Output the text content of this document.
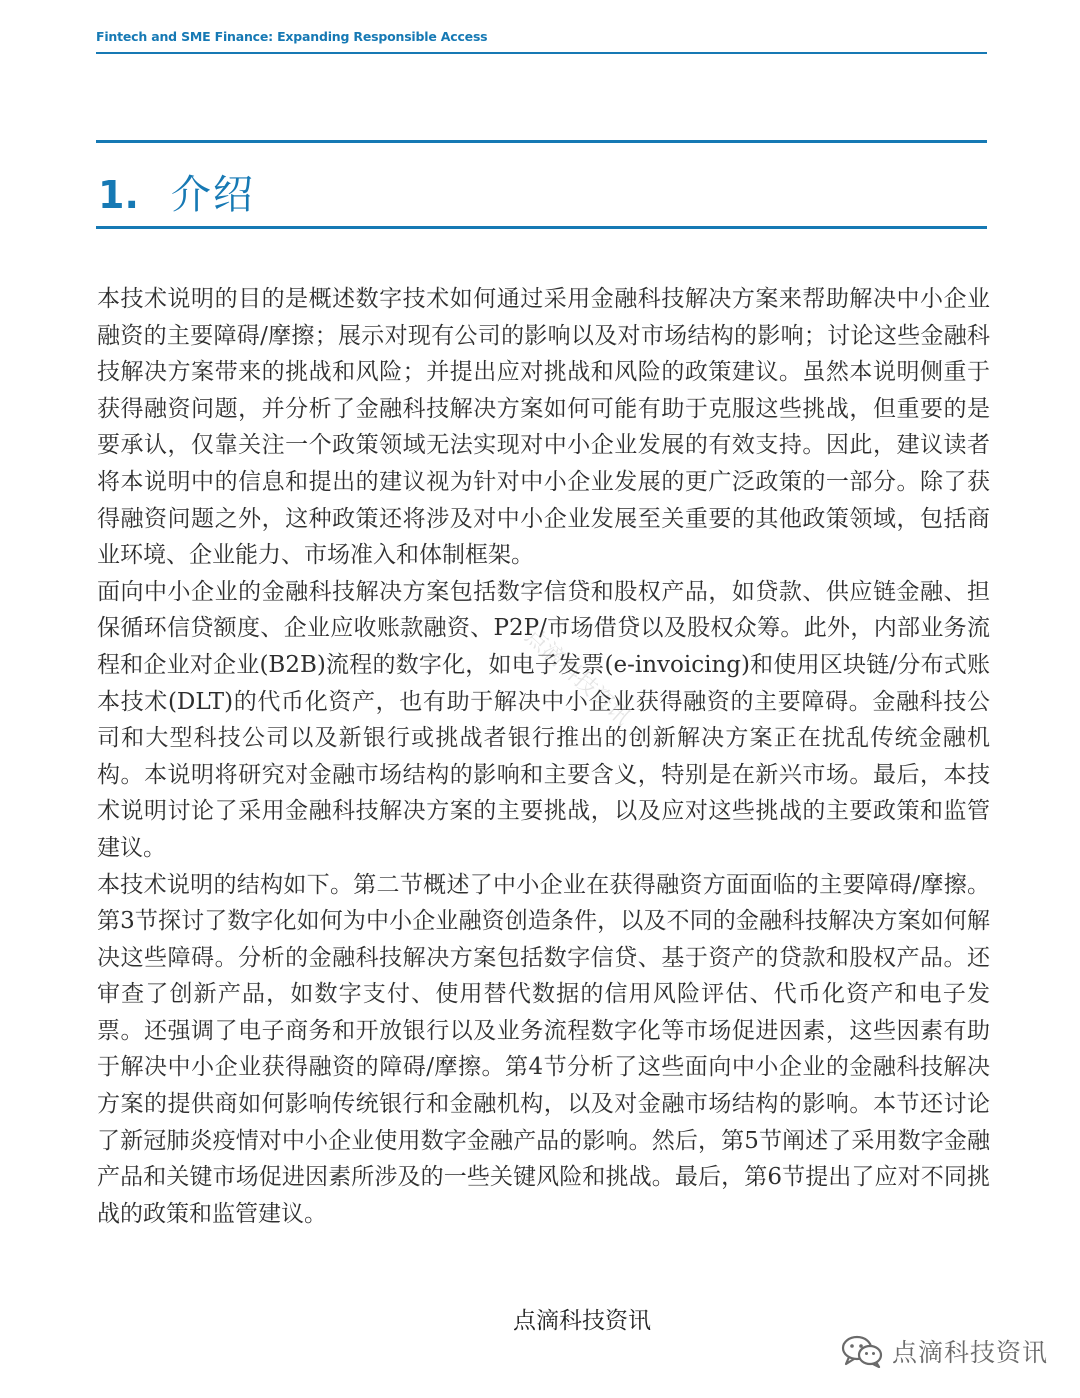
Fintech and SME Finance: Expanding Responsible Access
1. 介绍

本技术说明的目的是概述数字技术如何通过采用金融科技解决方案来帮助解决中小企业融资的主要障碍/摩擦；展示对现有公司的影响以及对市场结构的影响；讨论这些金融科技解决方案带来的挑战和风险；并提出应对挑战和风险的政策建议。虽然本说明侧重于获得融资问题，并分析了金融科技解决方案如何可能有助于克服这些挑战，但重要的是要承认，仅靠关注一个政策领域无法实现对中小企业发展的有效支持。因此，建议读者将本说明中的信息和提出的建议视为针对中小企业发展的更广泛政策的一部分。除了获得融资问题之外，这种政策还将涉及对中小企业发展至关重要的其他政策领域，包括商业环境、企业能力、市场准入和体制框架。

面向中小企业的金融科技解决方案包括数字信贷和股权产品，如贷款、供应链金融、担保循环信贷额度、企业应收账款融资、P2P/市场借贷以及股权众筹。此外，内部业务流程和企业对企业(B2B)流程的数字化，如电子发票(e-invoicing)和使用区块链/分布式账本技术(DLT)的代币化资产，也有助于解决中小企业获得融资的主要障碍。金融科技公司和大型科技公司以及新银行或挑战者银行推出的创新解决方案正在扰乱传统金融机构。本说明将研究对金融市场结构的影响和主要含义，特别是在新兴市场。最后，本技术说明讨论了采用金融科技解决方案的主要挑战，以及应对这些挑战的主要政策和监管建议。

本技术说明的结构如下。第二节概述了中小企业在获得融资方面面临的主要障碍/摩擦。第3节探讨了数字化如何为中小企业融资创造条件，以及不同的金融科技解决方案如何解决这些障碍。分析的金融科技解决方案包括数字信贷、基于资产的贷款和股权产品。还审查了创新产品，如数字支付、使用替代数据的信用风险评估、代币化资产和电子发票。还强调了电子商务和开放银行以及业务流程数字化等市场促进因素，这些因素有助于解决中小企业获得融资的障碍/摩擦。第4节分析了这些面向中小企业的金融科技解决方案的提供商如何影响传统银行和金融机构，以及对金融市场结构的影响。本节还讨论了新冠肺炎疫情对中小企业使用数字金融产品的影响。然后，第5节阐述了采用数字金融产品和关键市场促进因素所涉及的一些关键风险和挑战。最后，第6节提出了应对不同挑战的政策和监管建议。

点滴科技资讯
点滴科技资讯
点滴科技资讯
